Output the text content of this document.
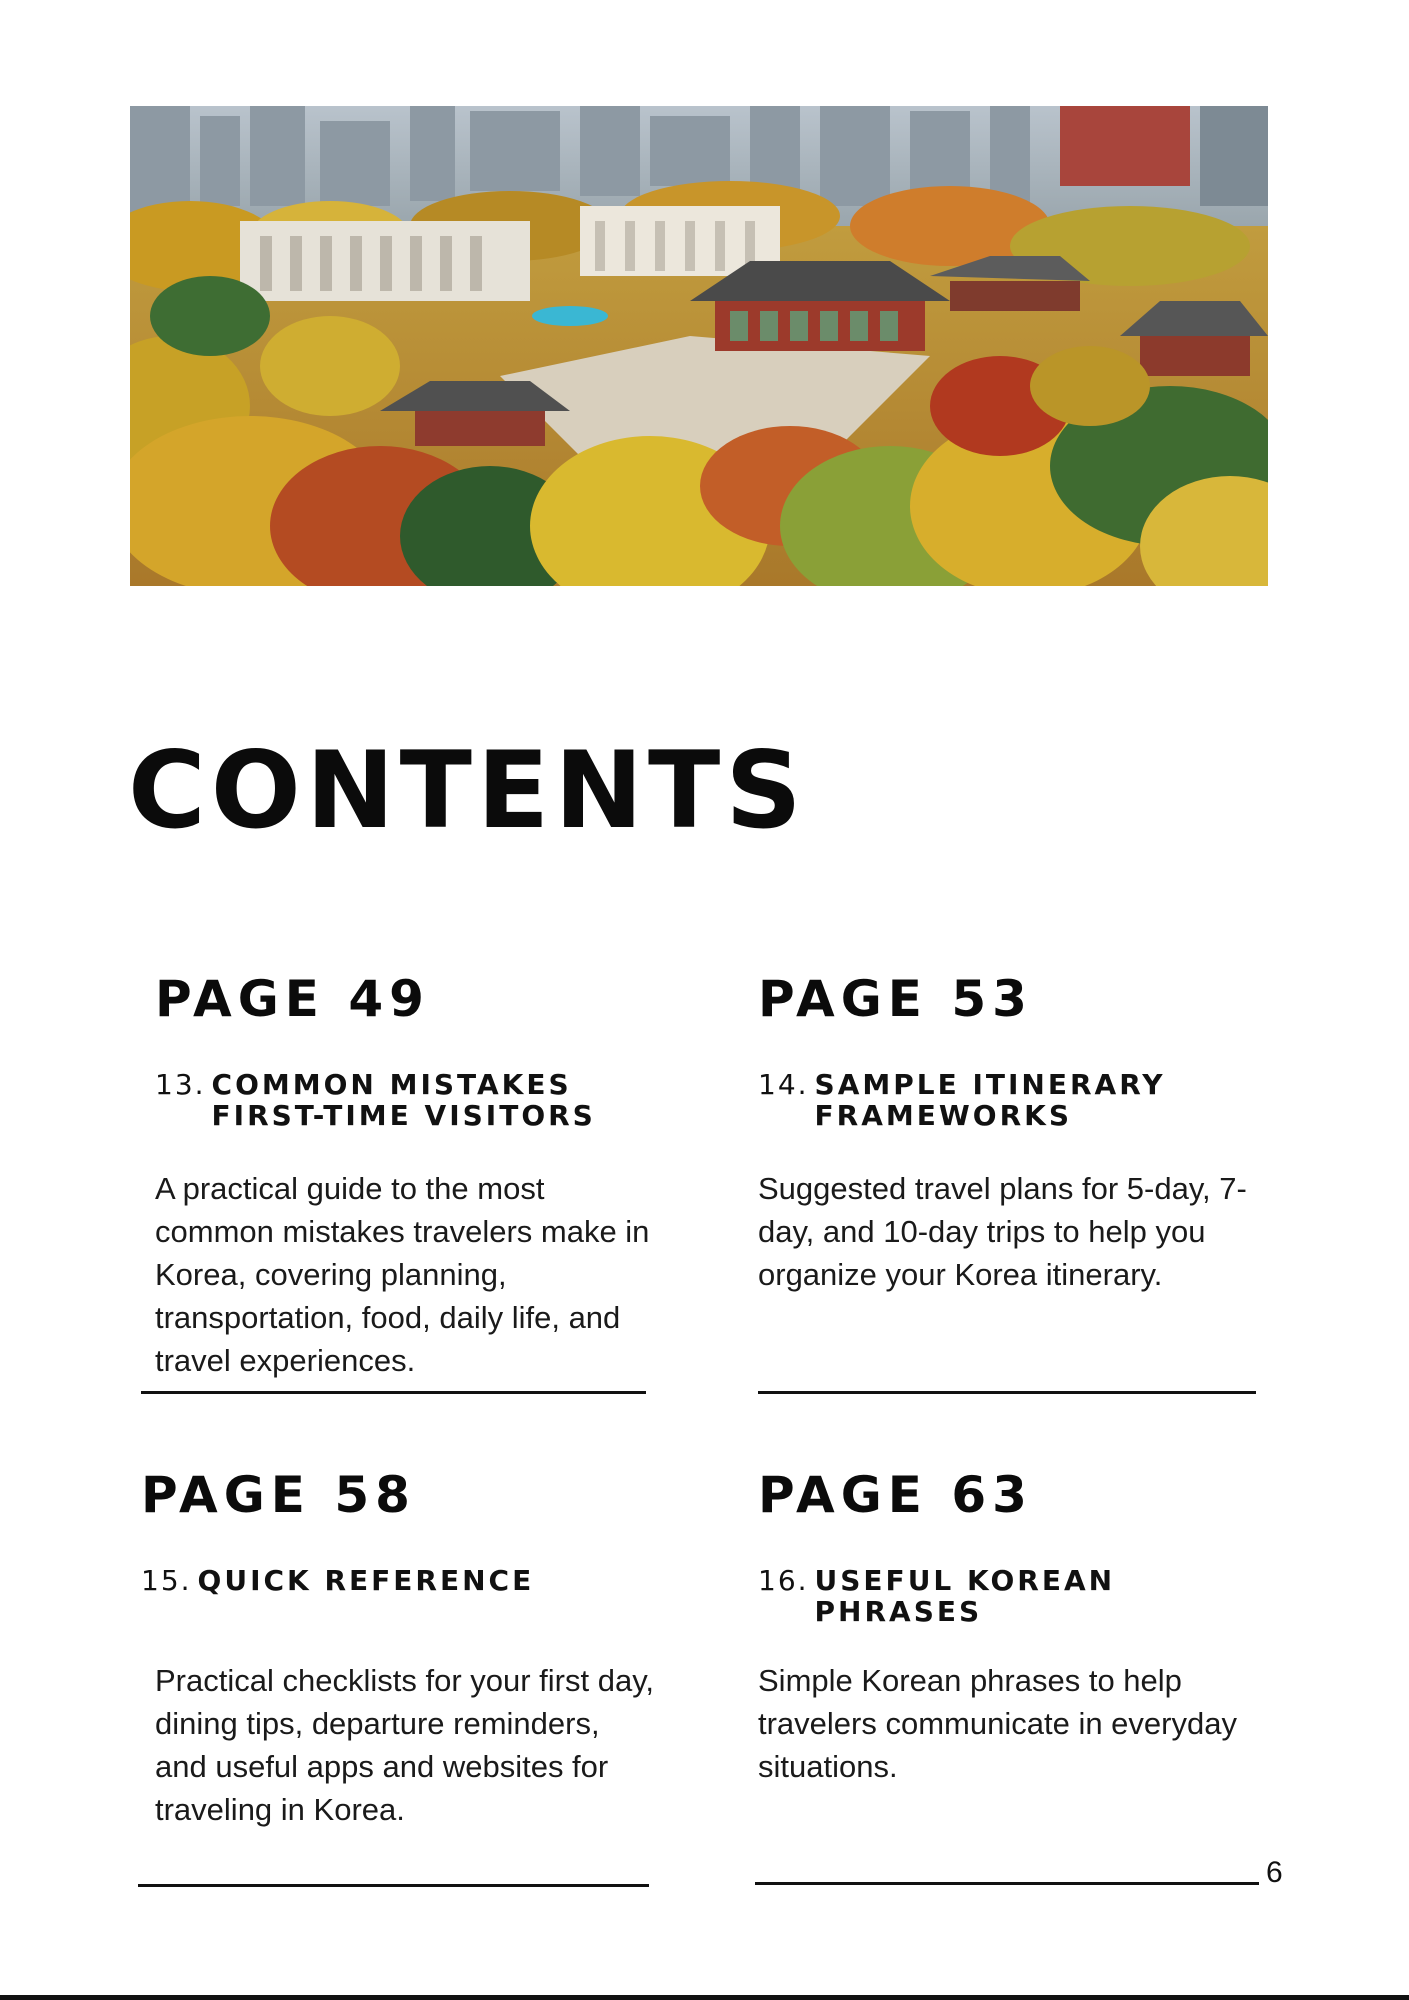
CONTENTS
PAGE 49
13. COMMON MISTAKES FIRST-TIME VISITORS

A practical guide to the most common mistakes travelers make in Korea, covering planning, transportation, food, daily life, and travel experiences.

PAGE 53
14. SAMPLE ITINERARY FRAMEWORKS

Suggested travel plans for 5-day, 7-day, and 10-day trips to help you organize your Korea itinerary.

PAGE 58
15. QUICK REFERENCE

Practical checklists for your first day, dining tips, departure reminders, and useful apps and websites for traveling in Korea.

PAGE 63
16. USEFUL KOREAN PHRASES

Simple Korean phrases to help travelers communicate in everyday situations.

6
